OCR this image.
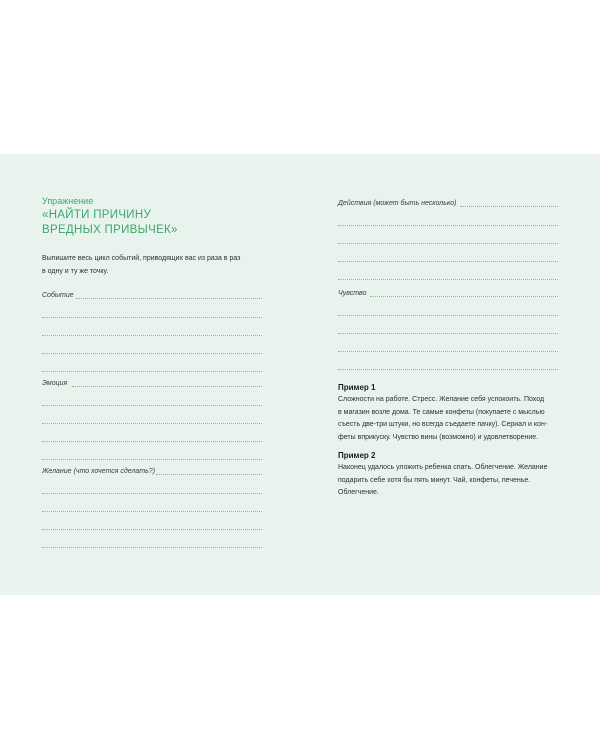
Упражнение
«НАЙТИ ПРИЧИНУ
ВРЕДНЫХ ПРИВЫЧЕК»
Выпишите весь цикл событий, приводящих вас из раза в раз
в одну и ту же точку.
Событие
Эмоция
Желание (что хочется сделать?)
Действия (может быть несколько)
Чувство
Пример 1
Сложности на работе. Стресс. Желание себя успокоить. Поход
в магазин возле дома. Те самые конфеты (покупаете с мыслью
съесть две-три штуки, но всегда съедаете пачку). Сериал и кон-
феты вприкуску. Чувство вины (возможно) и удовлетворение.
Пример 2
Наконец удалось уложить ребенка спать. Облегчение. Желание
подарить себе хотя бы пять минут. Чай, конфеты, печенье.
Облегчение.
